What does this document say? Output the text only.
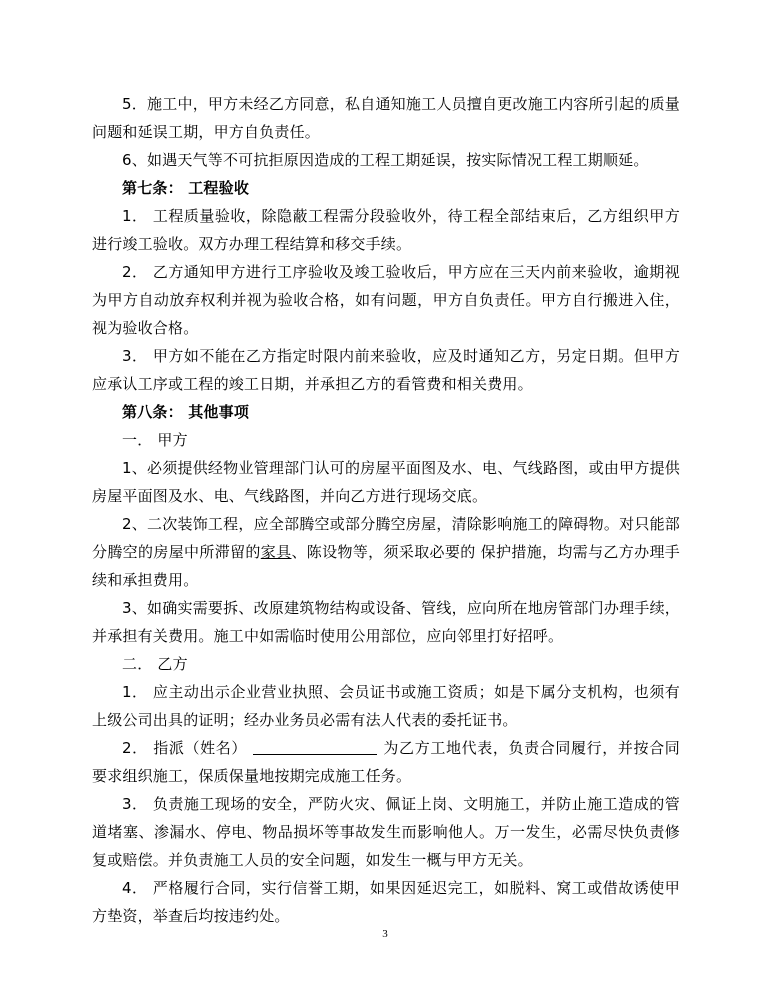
5．施工中，甲方未经乙方同意，私自通知施工人员擅自更改施工内容所引起的质量问题和延误工期，甲方自负责任。
6、如遇天气等不可抗拒原因造成的工程工期延误，按实际情况工程工期顺延。
第七条： 工程验收
1． 工程质量验收，除隐蔽工程需分段验收外，待工程全部结束后，乙方组织甲方进行竣工验收。双方办理工程结算和移交手续。
2． 乙方通知甲方进行工序验收及竣工验收后，甲方应在三天内前来验收，逾期视为甲方自动放弃权利并视为验收合格，如有问题，甲方自负责任。甲方自行搬进入住，视为验收合格。
3． 甲方如不能在乙方指定时限内前来验收，应及时通知乙方，另定日期。但甲方应承认工序或工程的竣工日期，并承担乙方的看管费和相关费用。
第八条： 其他事项
一． 甲方
1、必须提供经物业管理部门认可的房屋平面图及水、电、气线路图，或由甲方提供房屋平面图及水、电、气线路图，并向乙方进行现场交底。
2、二次装饰工程，应全部腾空或部分腾空房屋，清除影响施工的障碍物。对只能部分腾空的房屋中所滞留的家具、陈设物等，须采取必要的 保护措施，均需与乙方办理手续和承担费用。
3、如确实需要拆、改原建筑物结构或设备、管线，应向所在地房管部门办理手续，并承担有关费用。施工中如需临时使用公用部位，应向邻里打好招呼。
二． 乙方
1． 应主动出示企业营业执照、会员证书或施工资质；如是下属分支机构，也须有上级公司出具的证明；经办业务员必需有法人代表的委托证书。
2． 指派（姓名）	为乙方工地代表，负责合同履行，并按合同要求组织施工，保质保量地按期完成施工任务。
3． 负责施工现场的安全，严防火灾、佩证上岗、文明施工，并防止施工造成的管道堵塞、渗漏水、停电、物品损坏等事故发生而影响他人。万一发生，必需尽快负责修复或赔偿。并负责施工人员的安全问题，如发生一概与甲方无关。
4． 严格履行合同，实行信誉工期，如果因延迟完工，如脱料、窝工或借故诱使甲方垫资，举查后均按违约处。
3
